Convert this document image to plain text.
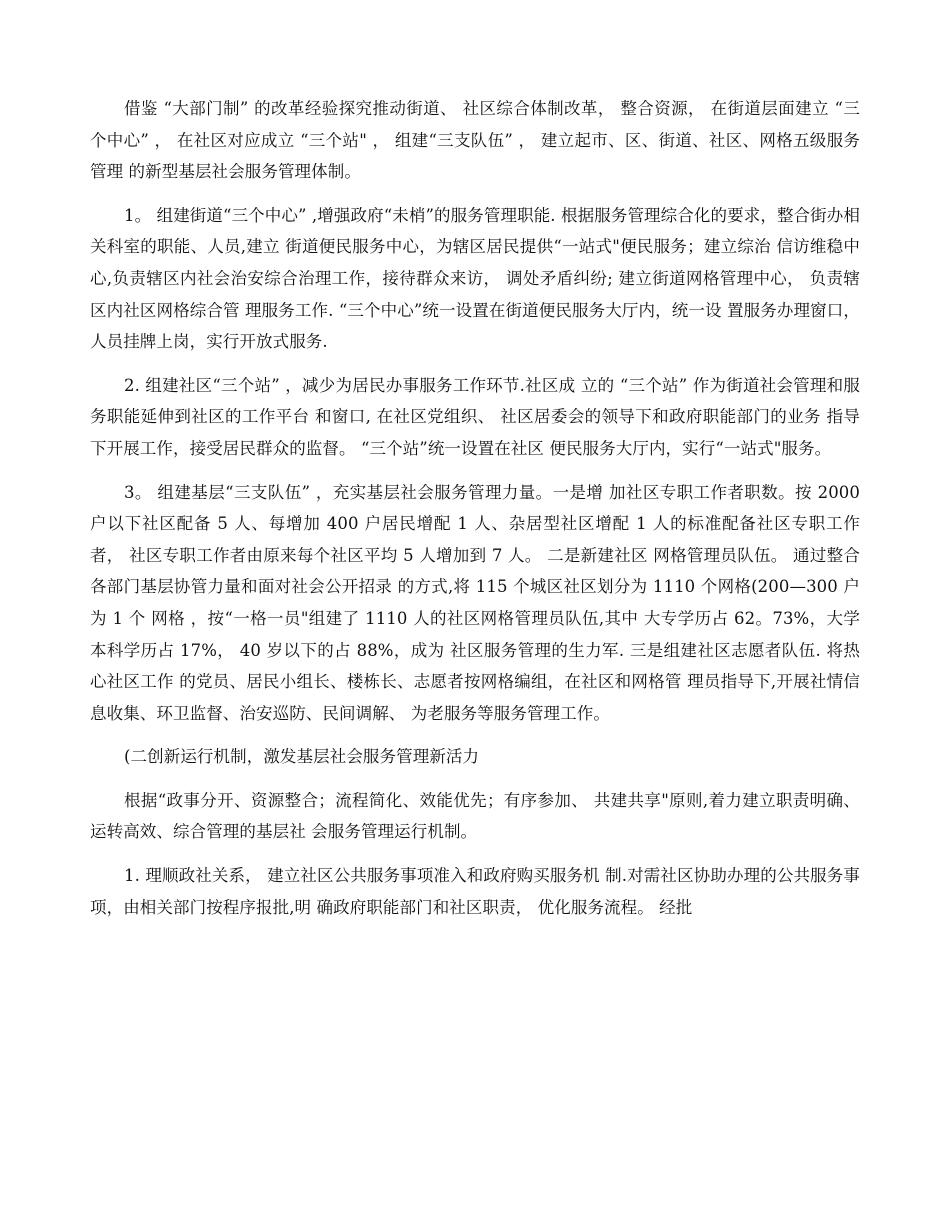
借鉴 “大部门制” 的改革经验探究推动街道、 社区综合体制改革， 整合资源， 在街道层面建立 “三个中心” ， 在社区对应成立 “三个站" ， 组建“三支队伍” ， 建立起市、区、街道、社区、网格五级服务管理 的新型基层社会服务管理体制。

1。 组建街道“三个中心” ,增强政府“未梢”的服务管理职能. 根据服务管理综合化的要求，整合街办相关科室的职能、人员,建立 街道便民服务中心，为辖区居民提供“一站式"便民服务；建立综治 信访维稳中心,负责辖区内社会治安综合治理工作，接待群众来访， 调处矛盾纠纷; 建立街道网格管理中心， 负责辖区内社区网格综合管 理服务工作. “三个中心”统一设置在街道便民服务大厅内，统一设 置服务办理窗口，人员挂牌上岗，实行开放式服务.

2. 组建社区“三个站” ，减少为居民办事服务工作环节.社区成 立的 “三个站” 作为街道社会管理和服务职能延伸到社区的工作平台 和窗口, 在社区党组织、 社区居委会的领导下和政府职能部门的业务 指导下开展工作，接受居民群众的监督。 “三个站”统一设置在社区 便民服务大厅内，实行“一站式"服务。

3。 组建基层“三支队伍” ，充实基层社会服务管理力量。一是增 加社区专职工作者职数。按 2000 户以下社区配备 5 人、每增加 400 户居民增配 1 人、杂居型社区增配 1 人的标准配备社区专职工作者， 社区专职工作者由原来每个社区平均 5 人增加到 7 人。 二是新建社区 网格管理员队伍。 通过整合各部门基层协管力量和面对社会公开招录 的方式,将 115 个城区社区划分为 1110 个网格(200—300 户为 1 个 网格 ，按“一格一员"组建了 1110 人的社区网格管理员队伍,其中 大专学历占 62。73%，大学本科学历占 17%， 40 岁以下的占 88%，成为 社区服务管理的生力军. 三是组建社区志愿者队伍. 将热心社区工作 的党员、居民小组长、楼栋长、志愿者按网格编组，在社区和网格管 理员指导下,开展社情信息收集、环卫监督、治安巡防、民间调解、 为老服务等服务管理工作。

(二创新运行机制，激发基层社会服务管理新活力

根据“政事分开、资源整合；流程简化、效能优先；有序参加、 共建共享"原则,着力建立职责明确、运转高效、综合管理的基层社 会服务管理运行机制。

1. 理顺政社关系， 建立社区公共服务事项准入和政府购买服务机 制.对需社区协助办理的公共服务事项，由相关部门按程序报批,明 确政府职能部门和社区职责， 优化服务流程。 经批
